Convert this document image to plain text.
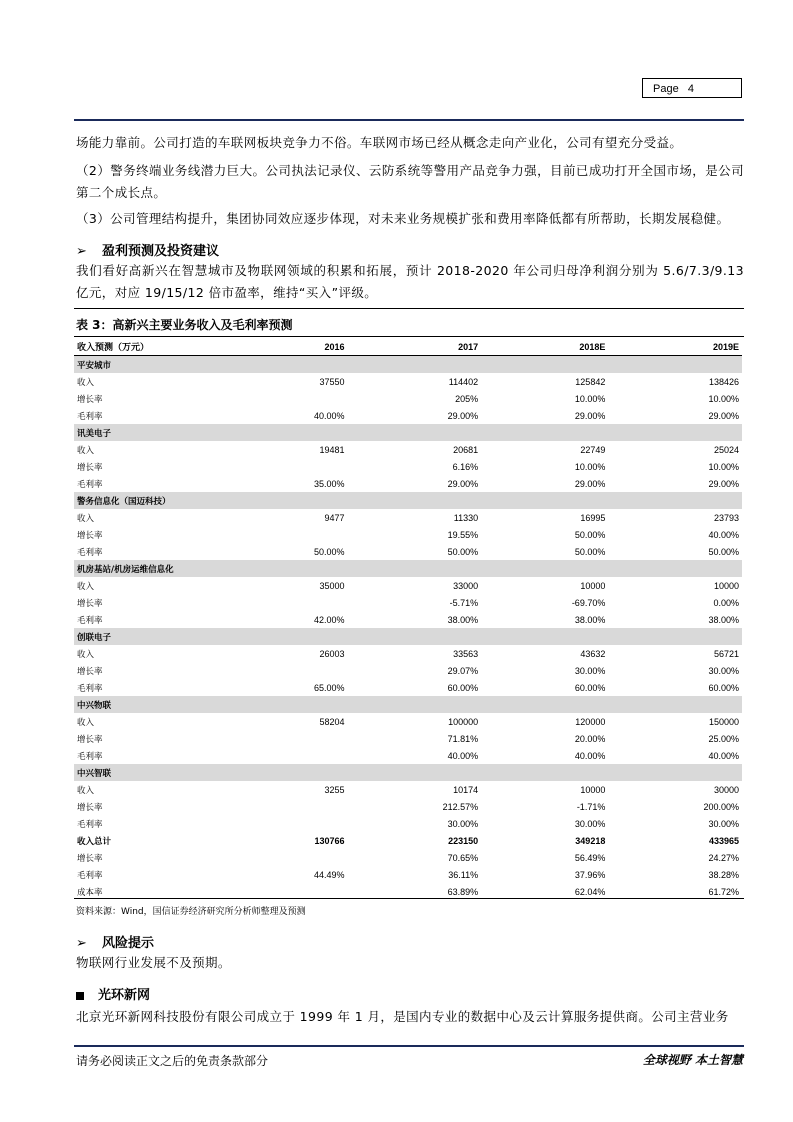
Page 4
场能力靠前。公司打造的车联网板块竞争力不俗。车联网市场已经从概念走向产业化，公司有望充分受益。
（2）警务终端业务线潜力巨大。公司执法记录仪、云防系统等警用产品竞争力强，目前已成功打开全国市场，是公司第二个成长点。
（3）公司管理结构提升，集团协同效应逐步体现，对未来业务规模扩张和费用率降低都有所帮助，长期发展稳健。
➢ 盈利预测及投资建议
我们看好高新兴在智慧城市及物联网领域的积累和拓展，预计 2018-2020 年公司归母净利润分别为 5.6/7.3/9.13 亿元，对应 19/15/12 倍市盈率，维持“买入”评级。
表 3：高新兴主要业务收入及毛利率预测
收入预测（万元）	2016	2017	2018E	2019E
平安城市				
收入	37550	114402	125842	138426
增长率		205%	10.00%	10.00%
毛利率	40.00%	29.00%	29.00%	29.00%
讯美电子				
收入	19481	20681	22749	25024
增长率		6.16%	10.00%	10.00%
毛利率	35.00%	29.00%	29.00%	29.00%
警务信息化（国迈科技）				
收入	9477	11330	16995	23793
增长率		19.55%	50.00%	40.00%
毛利率	50.00%	50.00%	50.00%	50.00%
机房基站/机房运维信息化				
收入	35000	33000	10000	10000
增长率		-5.71%	-69.70%	0.00%
毛利率	42.00%	38.00%	38.00%	38.00%
创联电子				
收入	26003	33563	43632	56721
增长率		29.07%	30.00%	30.00%
毛利率	65.00%	60.00%	60.00%	60.00%
中兴物联				
收入	58204	100000	120000	150000
增长率		71.81%	20.00%	25.00%
毛利率		40.00%	40.00%	40.00%
中兴智联				
收入	3255	10174	10000	30000
增长率		212.57%	-1.71%	200.00%
毛利率		30.00%	30.00%	30.00%
收入总计	130766	223150	349218	433965
增长率		70.65%	56.49%	24.27%
毛利率	44.49%	36.11%	37.96%	38.28%
成本率		63.89%	62.04%	61.72%
资料来源：Wind，国信证券经济研究所分析师整理及预测
➢ 风险提示
物联网行业发展不及预期。
光环新网
北京光环新网科技股份有限公司成立于 1999 年 1 月，是国内专业的数据中心及云计算服务提供商。公司主营业务
请务必阅读正文之后的免责条款部分	全球视野 本土智慧
